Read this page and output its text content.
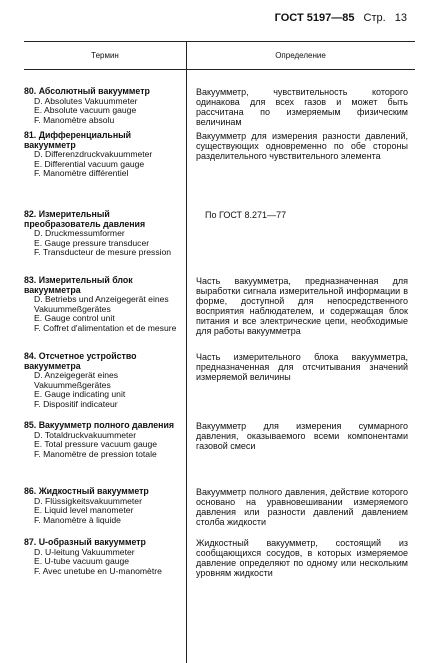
ГОСТ 5197—85 Стр. 13
Термин	Определение
80. Абсолютный вакуумметр
D. Absolutes Vakuummeter
E. Absolute vacuum gauge
F. Manomètre absolu
Вакуумметр, чувствительность которого одинакова для всех газов и может быть рассчитана по измеряемым физическим величинам
81. Дифференциальный вакуумметр
D. Differenzdruckvakuummeter
E. Differential vacuum gauge
F. Manomètre différentiel
Вакуумметр для измерения разности давлений, существующих одновременно по обе стороны разделительного чувствительного элемента
82. Измерительный преобразователь давления
D. Druckmessumformer
E. Gauge pressure transducer
F. Transducteur de mesure pression
По ГОСТ 8.271—77
83. Измерительный блок вакуумметра
D. Betriebs und Anzeigegerät eines Vakuummeßgerätes
E. Gauge control unit
F. Coffret d'alimentation et de mesure
Часть вакуумметра, предназначенная для выработки сигнала измерительной информации в форме, доступной для непосредственного восприятия наблюдателем, и содержащая блок питания и все электрические цепи, необходимые для работы вакуумметра
84. Отсчетное устройство вакуумметра
D. Anzeigegerät eines Vakuummeßgerätes
E. Gauge indicating unit
F. Dispositif indicateur
Часть измерительного блока вакуумметра, предназначенная для отсчитывания значений измеряемой величины
85. Вакуумметр полного давления
D. Totaldruckvakuummeter
E. Total pressure vacuum gauge
F. Manomètre de pression totale
Вакуумметр для измерения суммарного давления, оказываемого всеми компонентами газовой смеси
86. Жидкостный вакуумметр
D. Flüssigkeitsvakuummeter
E. Liquid level manometer
F. Manomètre à liquide
Вакуумметр полного давления, действие которого основано на уравновешивании измеряемого давления или разности давлений давлением столба жидкости
87. U-образный вакуумметр
D. U-leitung Vakuummeter
E. U-tube vacuum gauge
F. Avec unetube en U-manomètre
Жидкостный вакуумметр, состоящий из сообщающихся сосудов, в которых измеряемое давление определяют по одному или нескольким уровням жидкости
